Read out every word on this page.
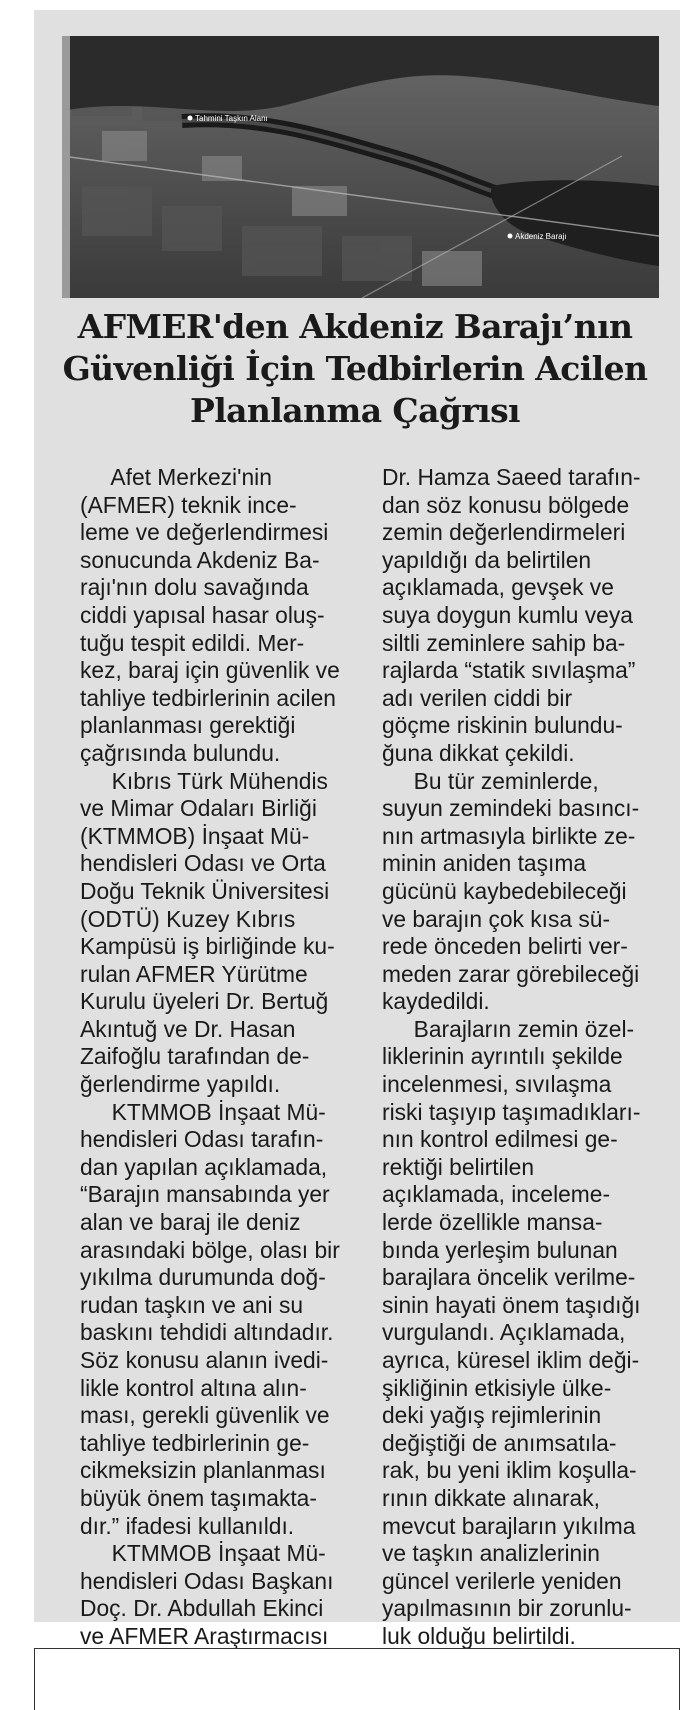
Tahmini Taşkın Alanı
Akdeniz Barajı
AFMER'den Akdeniz Barajı’nın
Güvenliği İçin Tedbirlerin Acilen
Planlanma Çağrısı
Afet Merkezi'nin
(AFMER) teknik ince-
leme ve değerlendirmesi
sonucunda Akdeniz Ba-
rajı'nın dolu savağında
ciddi yapısal hasar oluş-
tuğu tespit edildi. Mer-
kez, baraj için güvenlik ve
tahliye tedbirlerinin acilen
planlanması gerektiği
çağrısında bulundu.
Kıbrıs Türk Mühendis
ve Mimar Odaları Birliği
(KTMMOB) İnşaat Mü-
hendisleri Odası ve Orta
Doğu Teknik Üniversitesi
(ODTÜ) Kuzey Kıbrıs
Kampüsü iş birliğinde ku-
rulan AFMER Yürütme
Kurulu üyeleri Dr. Bertuğ
Akıntuğ ve Dr. Hasan
Zaifoğlu tarafından de-
ğerlendirme yapıldı.
KTMMOB İnşaat Mü-
hendisleri Odası tarafın-
dan yapılan açıklamada,
“Barajın mansabında yer
alan ve baraj ile deniz
arasındaki bölge, olası bir
yıkılma durumunda doğ-
rudan taşkın ve ani su
baskını tehdidi altındadır.
Söz konusu alanın ivedi-
likle kontrol altına alın-
ması, gerekli güvenlik ve
tahliye tedbirlerinin ge-
cikmeksizin planlanması
büyük önem taşımakta-
dır.” ifadesi kullanıldı.
KTMMOB İnşaat Mü-
hendisleri Odası Başkanı
Doç. Dr. Abdullah Ekinci
ve AFMER Araştırmacısı
Dr. Hamza Saeed tarafın-
dan söz konusu bölgede
zemin değerlendirmeleri
yapıldığı da belirtilen
açıklamada, gevşek ve
suya doygun kumlu veya
siltli zeminlere sahip ba-
rajlarda “statik sıvılaşma”
adı verilen ciddi bir
göçme riskinin bulundu-
ğuna dikkat çekildi.
Bu tür zeminlerde,
suyun zemindeki basıncı-
nın artmasıyla birlikte ze-
minin aniden taşıma
gücünü kaybedebileceği
ve barajın çok kısa sü-
rede önceden belirti ver-
meden zarar görebileceği
kaydedildi.
Barajların zemin özel-
liklerinin ayrıntılı şekilde
incelenmesi, sıvılaşma
riski taşıyıp taşımadıkları-
nın kontrol edilmesi ge-
rektiği belirtilen
açıklamada, inceleme-
lerde özellikle mansa-
bında yerleşim bulunan
barajlara öncelik verilme-
sinin hayati önem taşıdığı
vurgulandı. Açıklamada,
ayrıca, küresel iklim deği-
şikliğinin etkisiyle ülke-
deki yağış rejimlerinin
değiştiği de anımsatıla-
rak, bu yeni iklim koşulla-
rının dikkate alınarak,
mevcut barajların yıkılma
ve taşkın analizlerinin
güncel verilerle yeniden
yapılmasının bir zorunlu-
luk olduğu belirtildi.
